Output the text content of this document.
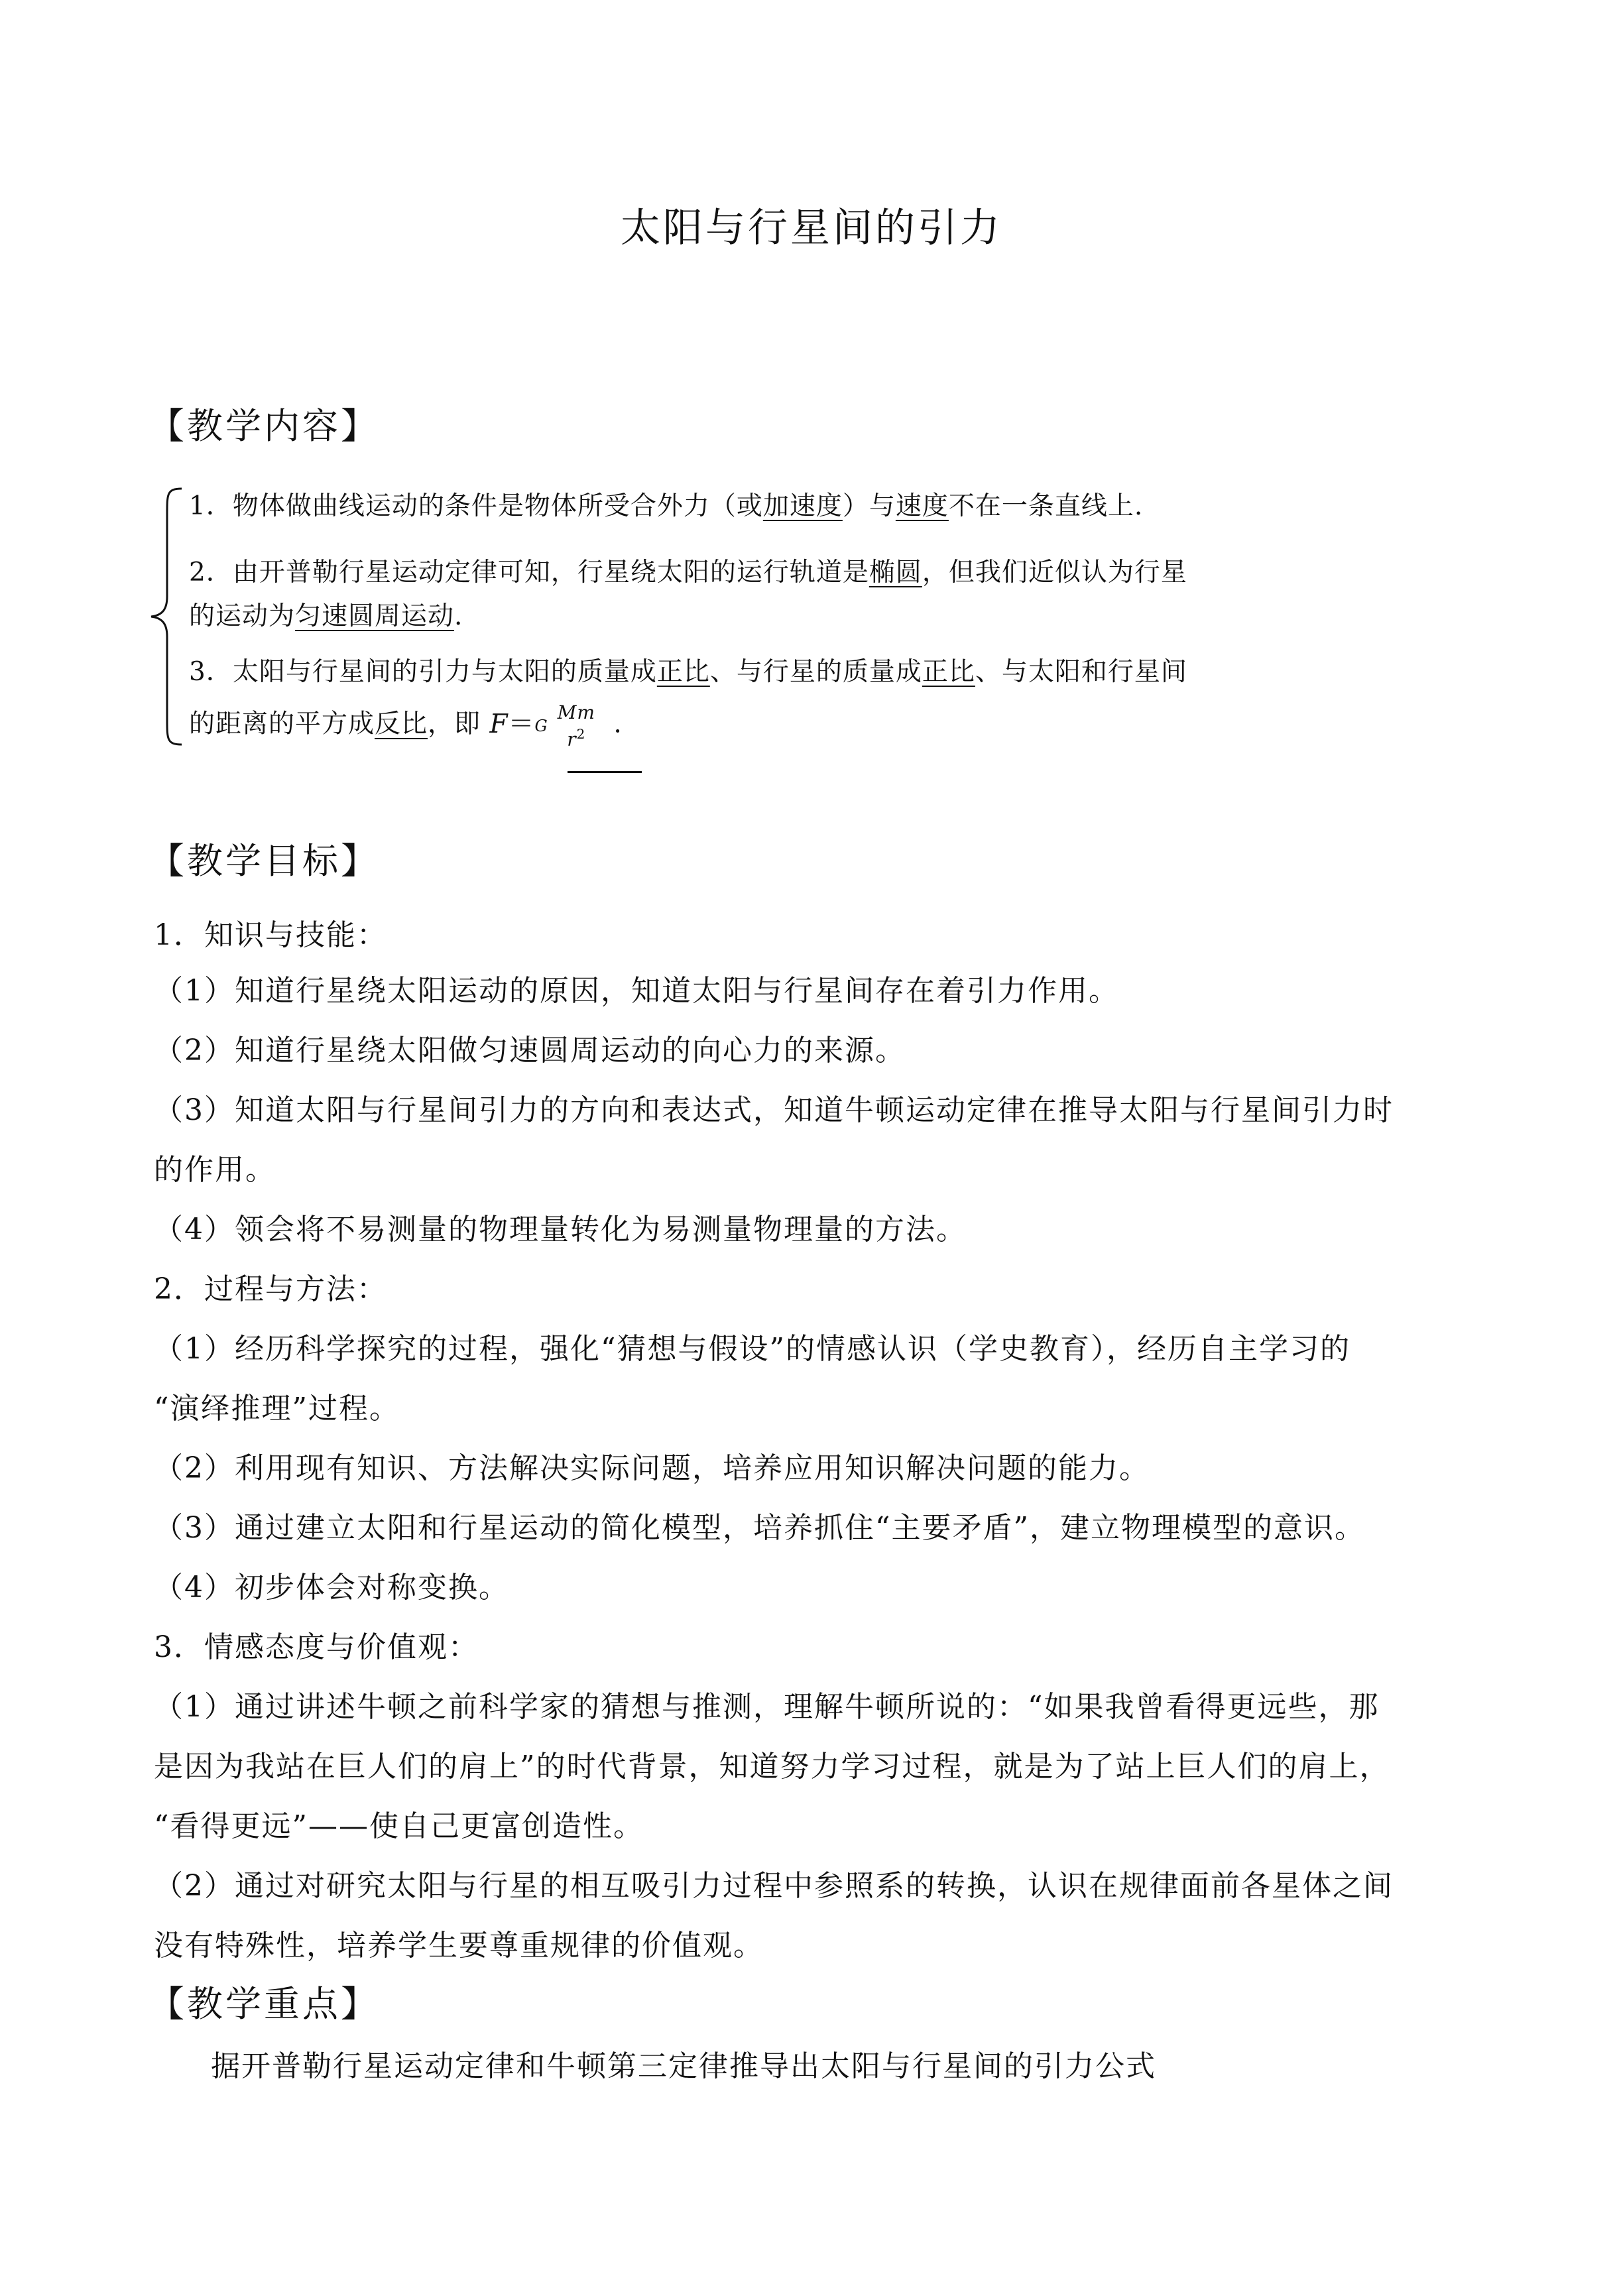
太阳与行星间的引力
【教学内容】
1．物体做曲线运动的条件是物体所受合外力（或加速度）与速度不在一条直线上.
2．由开普勒行星运动定律可知，行星绕太阳的运行轨道是椭圆，但我们近似认为行星
的运动为匀速圆周运动.
3．太阳与行星间的引力与太阳的质量成正比、与行星的质量成正比、与太阳和行星间
的距离的平方成反比，即 F＝G
Mm
$r^2$	.
【教学目标】
1．知识与技能：
（1）知道行星绕太阳运动的原因，知道太阳与行星间存在着引力作用。
（2）知道行星绕太阳做匀速圆周运动的向心力的来源。
（3）知道太阳与行星间引力的方向和表达式，知道牛顿运动定律在推导太阳与行星间引力时
的作用。
（4）领会将不易测量的物理量转化为易测量物理量的方法。
2．过程与方法：
（1）经历科学探究的过程，强化“猜想与假设”的情感认识（学史教育），经历自主学习的
“演绎推理”过程。
（2）利用现有知识、方法解决实际问题，培养应用知识解决问题的能力。
（3）通过建立太阳和行星运动的简化模型，培养抓住“主要矛盾”，建立物理模型的意识。
（4）初步体会对称变换。
3．情感态度与价值观：
（1）通过讲述牛顿之前科学家的猜想与推测，理解牛顿所说的：“如果我曾看得更远些，那
是因为我站在巨人们的肩上”的时代背景，知道努力学习过程，就是为了站上巨人们的肩上，
“看得更远”——使自己更富创造性。
（2）通过对研究太阳与行星的相互吸引力过程中参照系的转换，认识在规律面前各星体之间
没有特殊性，培养学生要尊重规律的价值观。
【教学重点】
据开普勒行星运动定律和牛顿第三定律推导出太阳与行星间的引力公式
